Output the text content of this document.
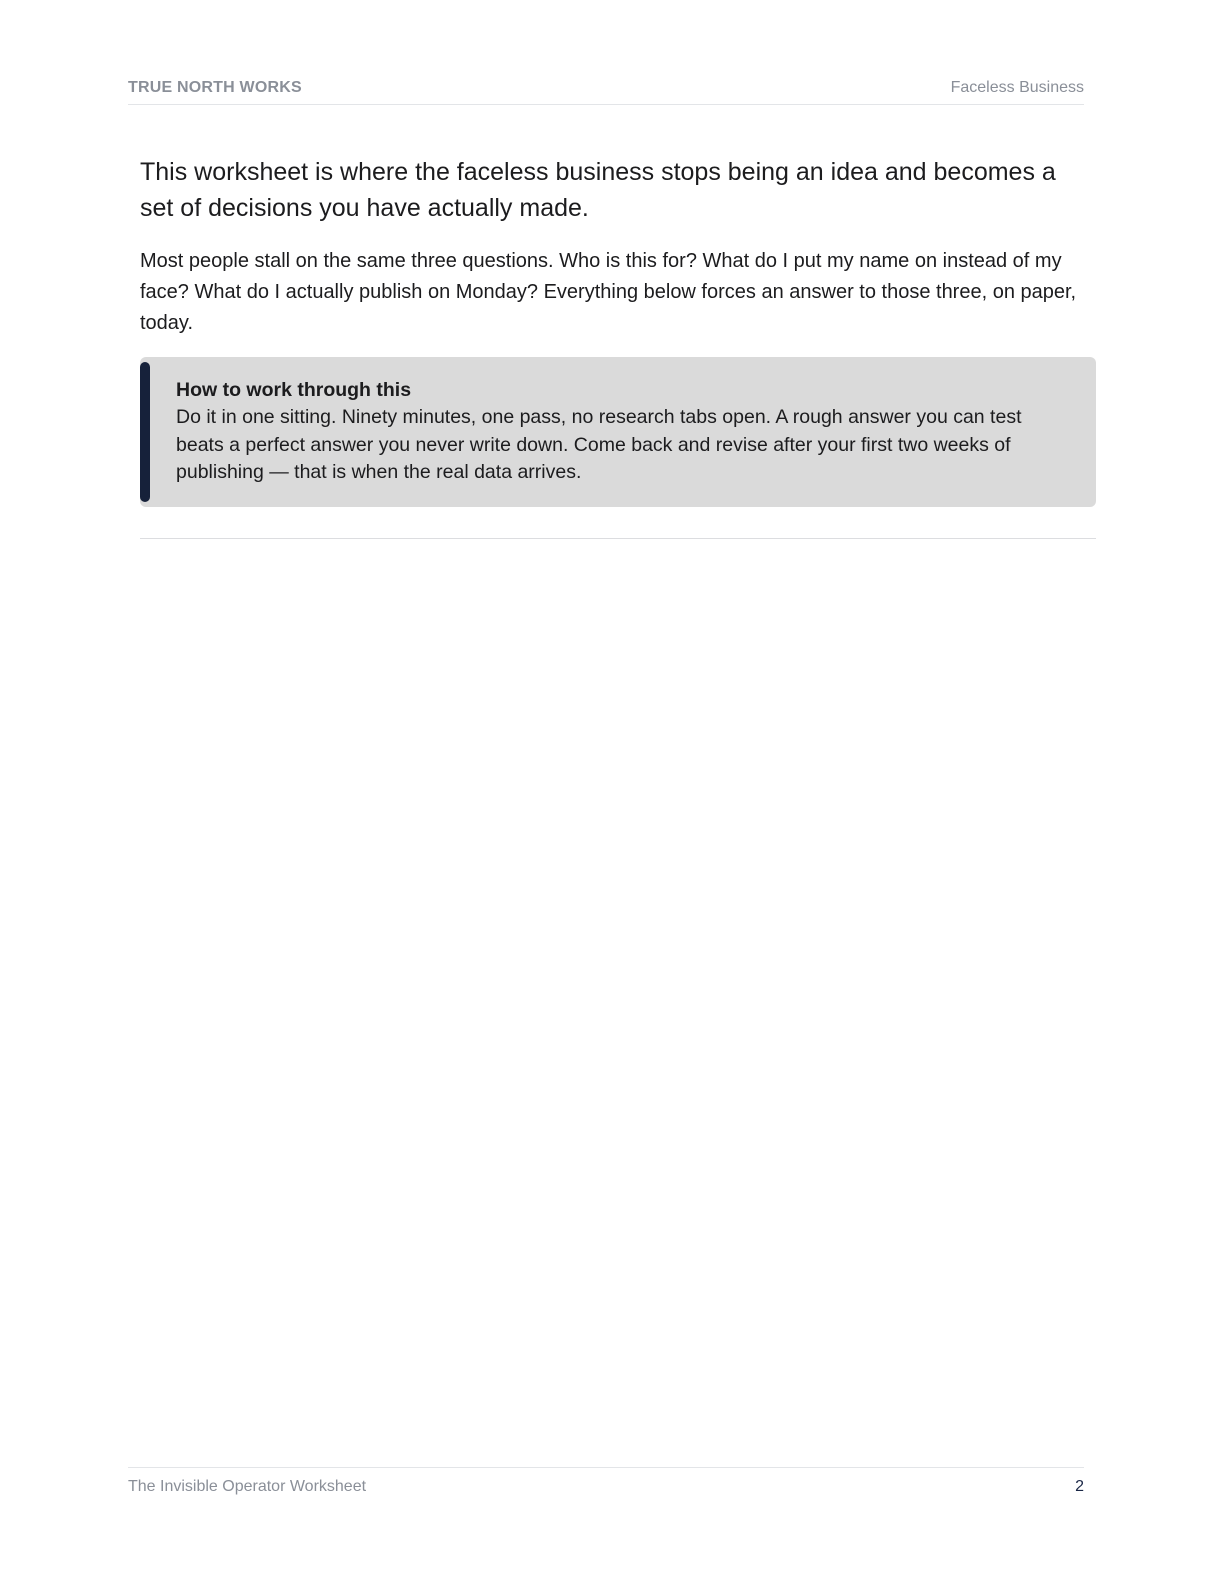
TRUE NORTH WORKS	Faceless Business

This worksheet is where the faceless business stops being an idea and becomes a set of decisions you have actually made.

Most people stall on the same three questions. Who is this for? What do I put my name on instead of my face? What do I actually publish on Monday? Everything below forces an answer to those three, on paper, today.

How to work through this
Do it in one sitting. Ninety minutes, one pass, no research tabs open. A rough answer you can test beats a perfect answer you never write down. Come back and revise after your first two weeks of publishing — that is when the real data arrives.
The Invisible Operator Worksheet	2
